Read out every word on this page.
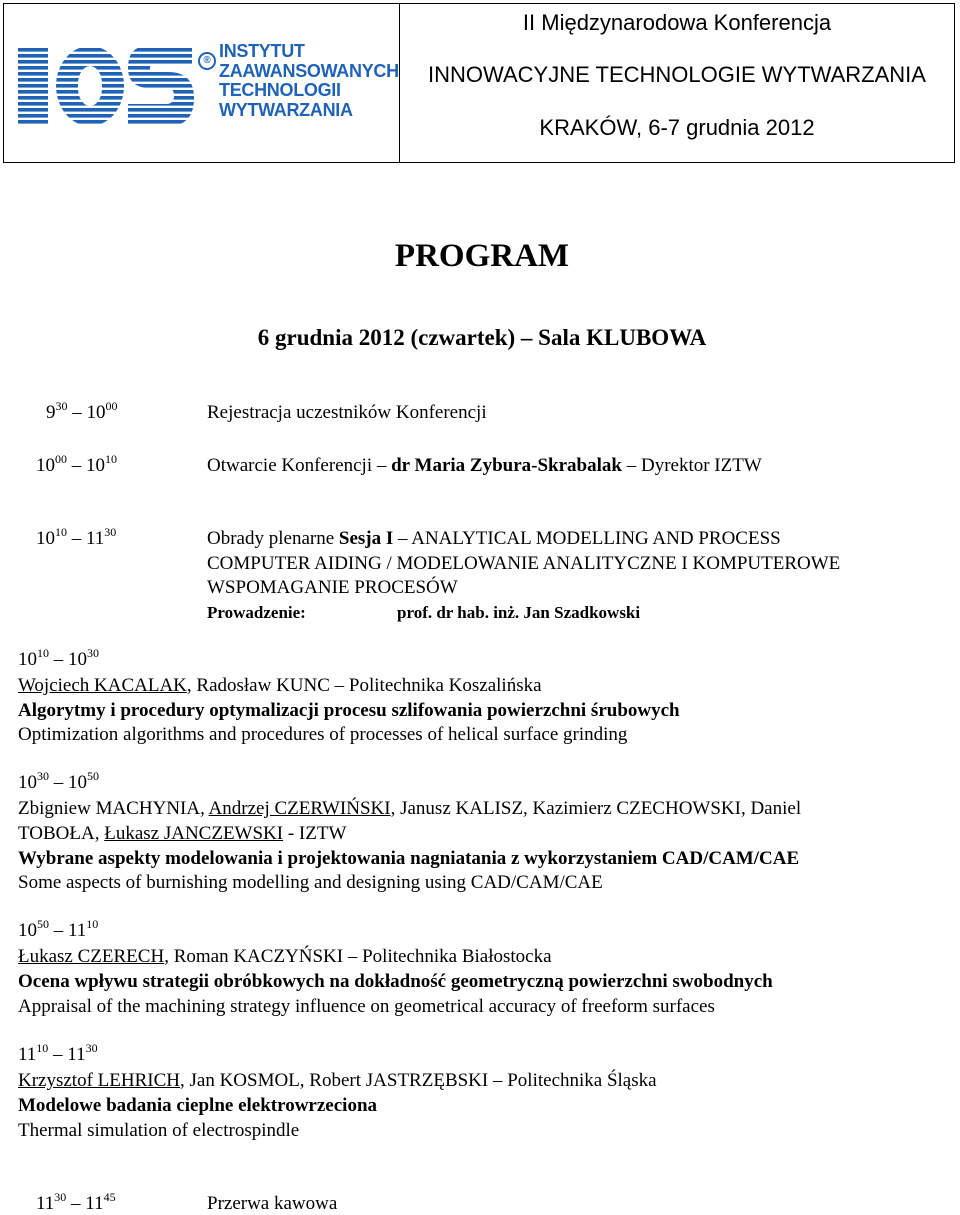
® INSTYTUT
ZAAWANSOWANYCH
TECHNOLOGII
WYTWARZANIA
II Międzynarodowa Konferencja
INNOWACYJNE TECHNOLOGIE WYTWARZANIA
KRAKÓW, 6-7 grudnia 2012
PROGRAM
6 grudnia 2012 (czwartek) – Sala KLUBOWA
$9^{30} - 10^{00}$	Rejestracja uczestników Konferencji
$10^{00} - 10^{10}$	Otwarcie Konferencji – dr Maria Zybura-Skrabalak – Dyrektor IZTW
$10^{10} - 11^{30}$	Obrady plenarne Sesja I – ANALYTICAL MODELLING AND PROCESS
COMPUTER AIDING / MODELOWANIE ANALITYCZNE I KOMPUTEROWE
WSPOMAGANIE PROCESÓW
Prowadzenie:	prof. dr hab. inż. Jan Szadkowski
$10^{10} - 10^{30}$
Wojciech KACALAK, Radosław KUNC – Politechnika Koszalińska
Algorytmy i procedury optymalizacji procesu szlifowania powierzchni śrubowych
Optimization algorithms and procedures of processes of helical surface grinding
$10^{30} - 10^{50}$
Zbigniew MACHYNIA, Andrzej CZERWIŃSKI, Janusz KALISZ, Kazimierz CZECHOWSKI, Daniel
TOBOŁA, Łukasz JANCZEWSKI - IZTW
Wybrane aspekty modelowania i projektowania nagniatania z wykorzystaniem CAD/CAM/CAE
Some aspects of burnishing modelling and designing using CAD/CAM/CAE
$10^{50} - 11^{10}$
Łukasz CZERECH, Roman KACZYŃSKI – Politechnika Białostocka
Ocena wpływu strategii obróbkowych na dokładność geometryczną powierzchni swobodnych
Appraisal of the machining strategy influence on geometrical accuracy of freeform surfaces
$11^{10} - 11^{30}$
Krzysztof LEHRICH, Jan KOSMOL, Robert JASTRZĘBSKI – Politechnika Śląska
Modelowe badania cieplne elektrowrzeciona
Thermal simulation of electrospindle
$11^{30} - 11^{45}$	Przerwa kawowa
